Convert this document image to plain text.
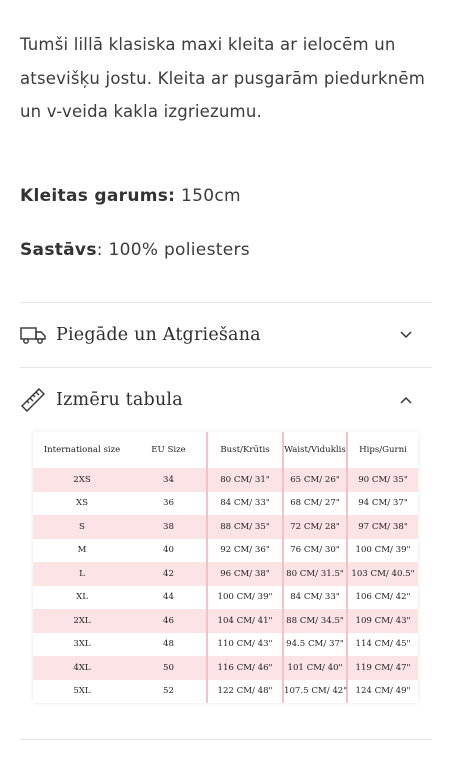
Tumši lillā klasiska maxi kleita ar ielocēm un atsevišķu jostu. Kleita ar pusgarām piedurknēm un v-veida kakla izgriezumu.
Kleitas garums: 150cm
Sastāvs: 100% poliesters
Piegāde un Atgriešana
Izmēru tabula
International size	EU Size	Bust/Krūtis	Waist/Viduklis	Hips/Gurni
2XS	34	80 CM/ 31"	65 CM/ 26"	90 CM/ 35"
XS	36	84 CM/ 33"	68 CM/ 27"	94 CM/ 37"
S	38	88 CM/ 35"	72 CM/ 28"	97 CM/ 38"
M	40	92 CM/ 36"	76 CM/ 30"	100 CM/ 39"
L	42	96 CM/ 38"	80 CM/ 31.5"	103 CM/ 40.5"
XL	44	100 CM/ 39"	84 CM/ 33"	106 CM/ 42"
2XL	46	104 CM/ 41"	88 CM/ 34.5"	109 CM/ 43"
3XL	48	110 CM/ 43"	94.5 CM/ 37"	114 CM/ 45"
4XL	50	116 CM/ 46"	101 CM/ 40"	119 CM/ 47"
5XL	52	122 CM/ 48"	107.5 CM/ 42"	124 CM/ 49"
